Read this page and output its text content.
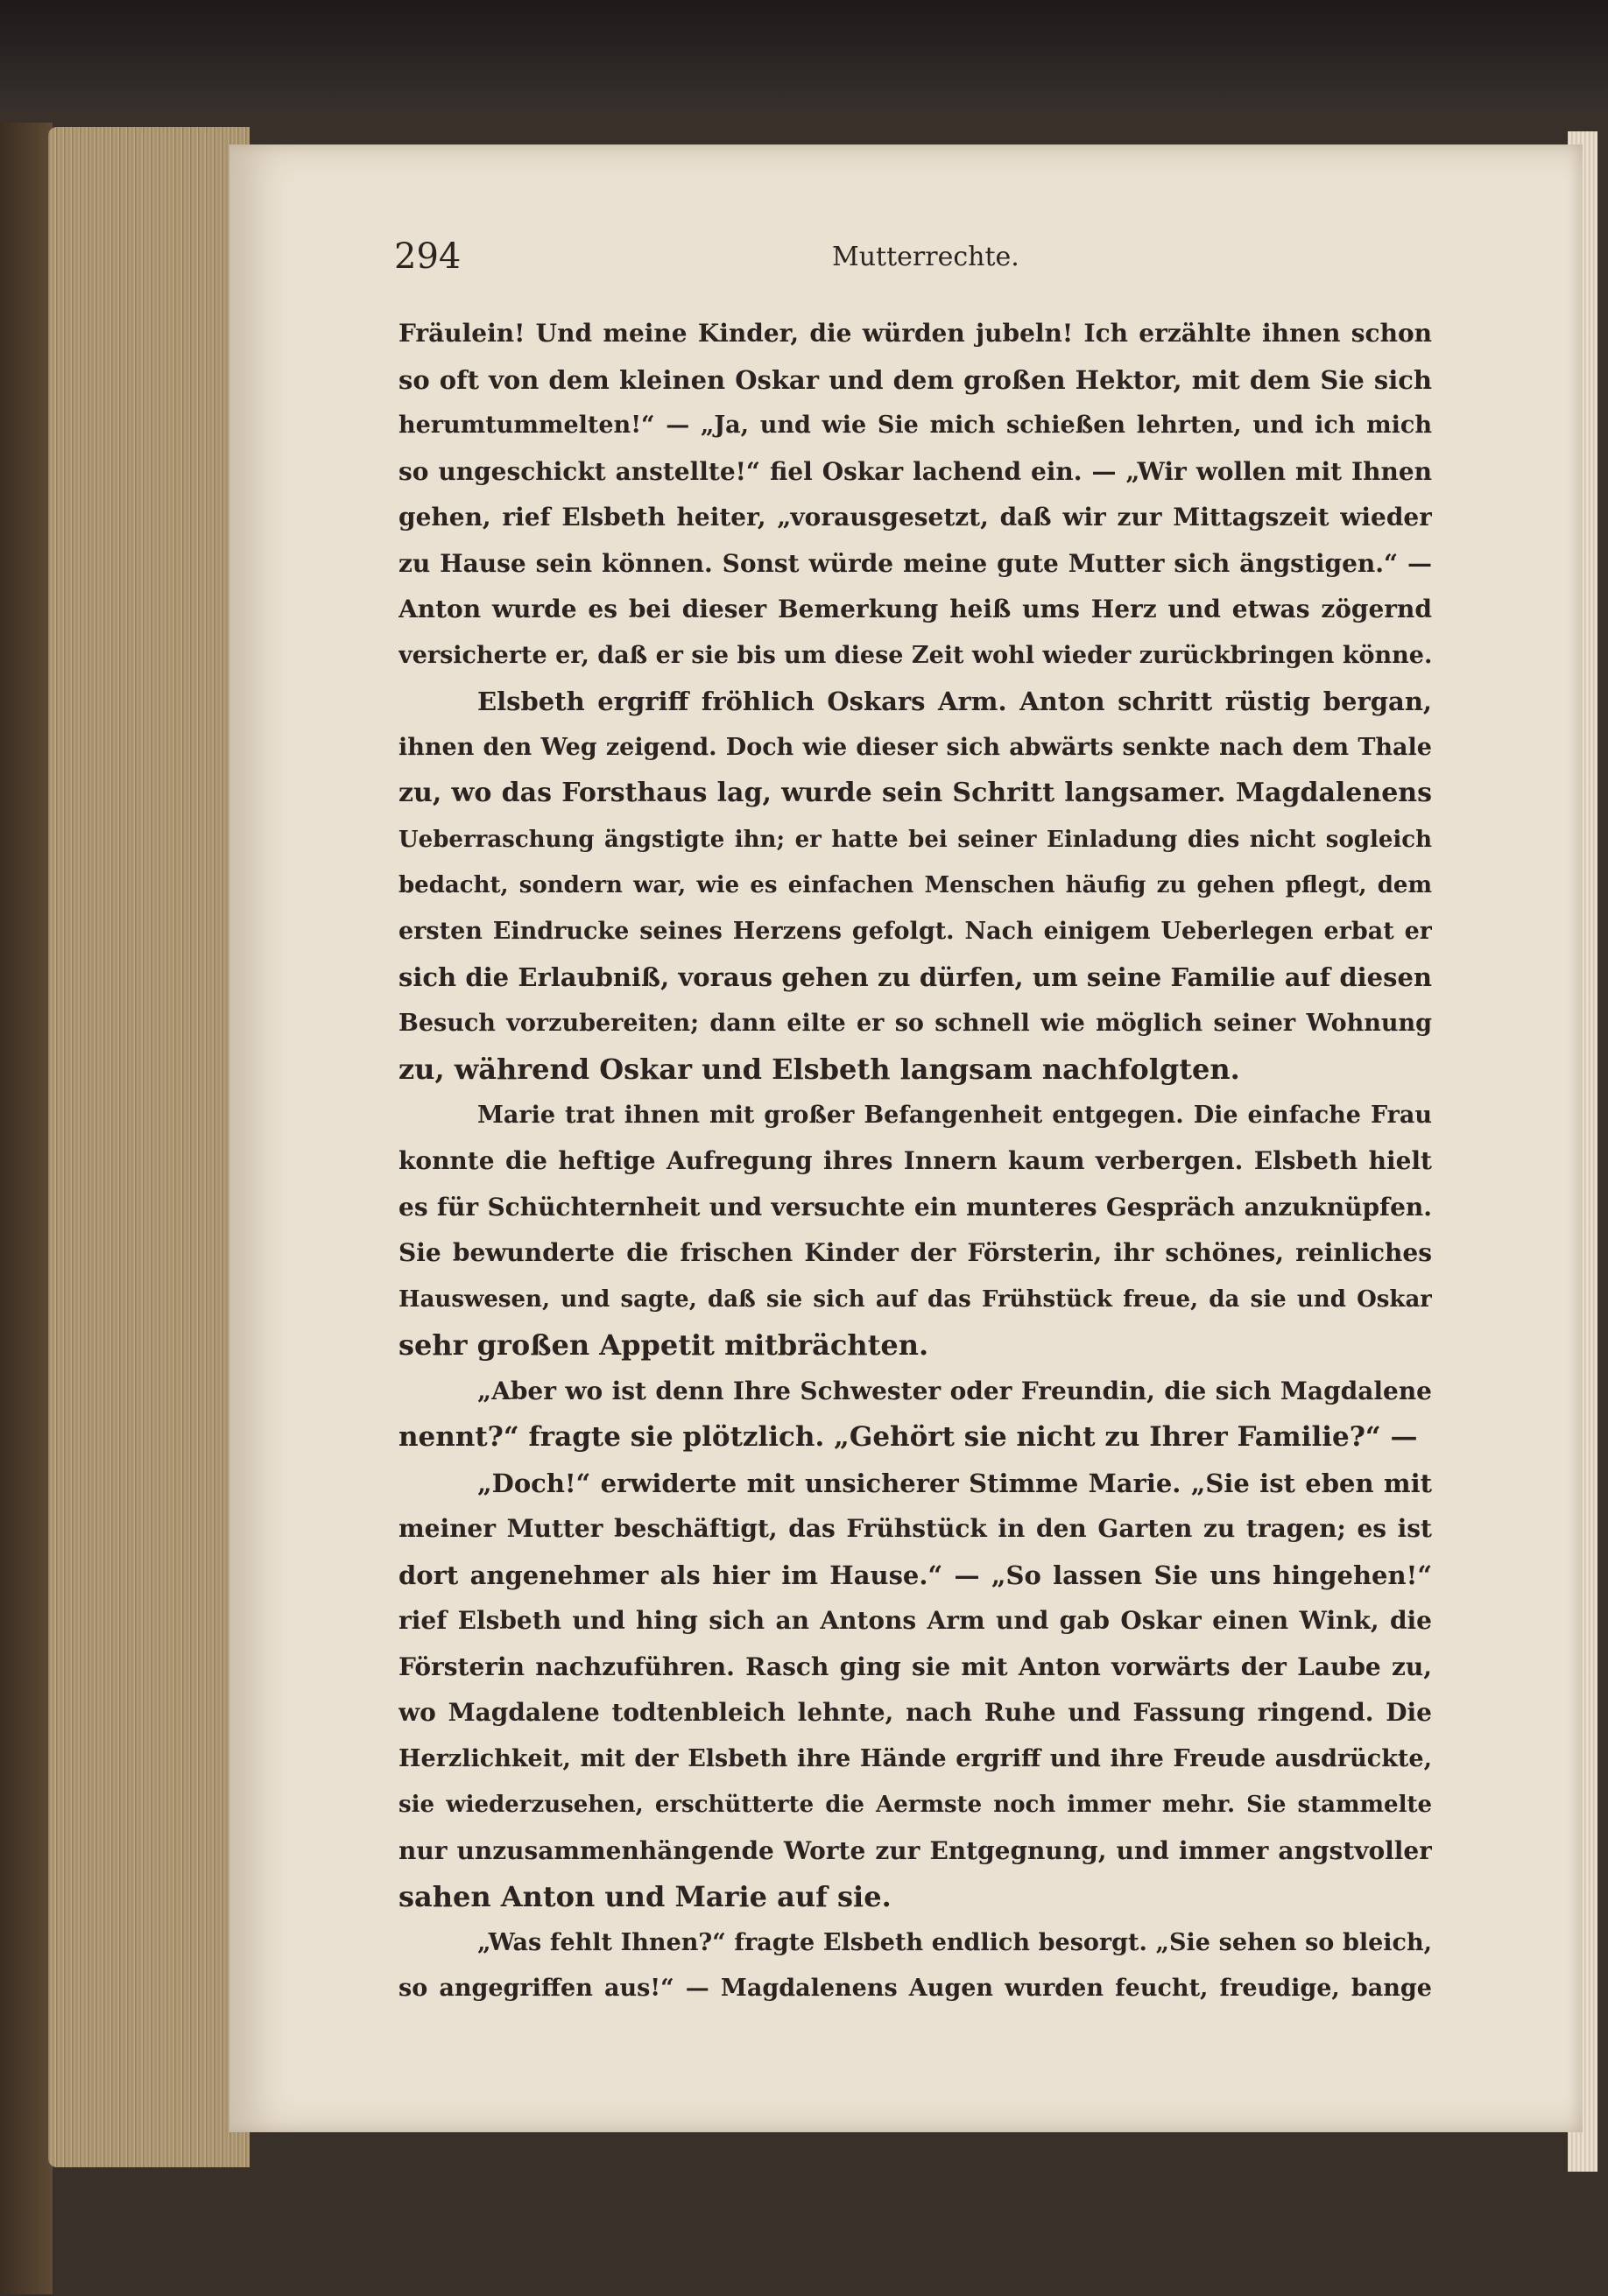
294	Mutterrechte.

Fräulein! Und meine Kinder, die würden jubeln! Ich erzählte ihnen schon

so oft von dem kleinen Oskar und dem großen Hektor, mit dem Sie sich

herumtummelten!“ — „Ja, und wie Sie mich schießen lehrten, und ich mich

so ungeschickt anstellte!“ fiel Oskar lachend ein. — „Wir wollen mit Ihnen

gehen, rief Elsbeth heiter, „vorausgesetzt, daß wir zur Mittagszeit wieder

zu Hause sein können. Sonst würde meine gute Mutter sich ängstigen.“ —

Anton wurde es bei dieser Bemerkung heiß ums Herz und etwas zögernd

versicherte er, daß er sie bis um diese Zeit wohl wieder zurückbringen könne.

Elsbeth ergriff fröhlich Oskars Arm. Anton schritt rüstig bergan,

ihnen den Weg zeigend. Doch wie dieser sich abwärts senkte nach dem Thale

zu, wo das Forsthaus lag, wurde sein Schritt langsamer. Magdalenens

Ueberraschung ängstigte ihn; er hatte bei seiner Einladung dies nicht sogleich

bedacht, sondern war, wie es einfachen Menschen häufig zu gehen pflegt, dem

ersten Eindrucke seines Herzens gefolgt. Nach einigem Ueberlegen erbat er

sich die Erlaubniß, voraus gehen zu dürfen, um seine Familie auf diesen

Besuch vorzubereiten; dann eilte er so schnell wie möglich seiner Wohnung

zu, während Oskar und Elsbeth langsam nachfolgten.

Marie trat ihnen mit großer Befangenheit entgegen. Die einfache Frau

konnte die heftige Aufregung ihres Innern kaum verbergen. Elsbeth hielt

es für Schüchternheit und versuchte ein munteres Gespräch anzuknüpfen.

Sie bewunderte die frischen Kinder der Försterin, ihr schönes, reinliches

Hauswesen, und sagte, daß sie sich auf das Frühstück freue, da sie und Oskar

sehr großen Appetit mitbrächten.

„Aber wo ist denn Ihre Schwester oder Freundin, die sich Magdalene

nennt?“ fragte sie plötzlich. „Gehört sie nicht zu Ihrer Familie?“ —

„Doch!“ erwiderte mit unsicherer Stimme Marie. „Sie ist eben mit

meiner Mutter beschäftigt, das Frühstück in den Garten zu tragen; es ist

dort angenehmer als hier im Hause.“ — „So lassen Sie uns hingehen!“

rief Elsbeth und hing sich an Antons Arm und gab Oskar einen Wink, die

Försterin nachzuführen. Rasch ging sie mit Anton vorwärts der Laube zu,

wo Magdalene todtenbleich lehnte, nach Ruhe und Fassung ringend. Die

Herzlichkeit, mit der Elsbeth ihre Hände ergriff und ihre Freude ausdrückte,

sie wiederzusehen, erschütterte die Aermste noch immer mehr. Sie stammelte

nur unzusammenhängende Worte zur Entgegnung, und immer angstvoller

sahen Anton und Marie auf sie.

„Was fehlt Ihnen?“ fragte Elsbeth endlich besorgt. „Sie sehen so bleich,

so angegriffen aus!“ — Magdalenens Augen wurden feucht, freudige, bange
